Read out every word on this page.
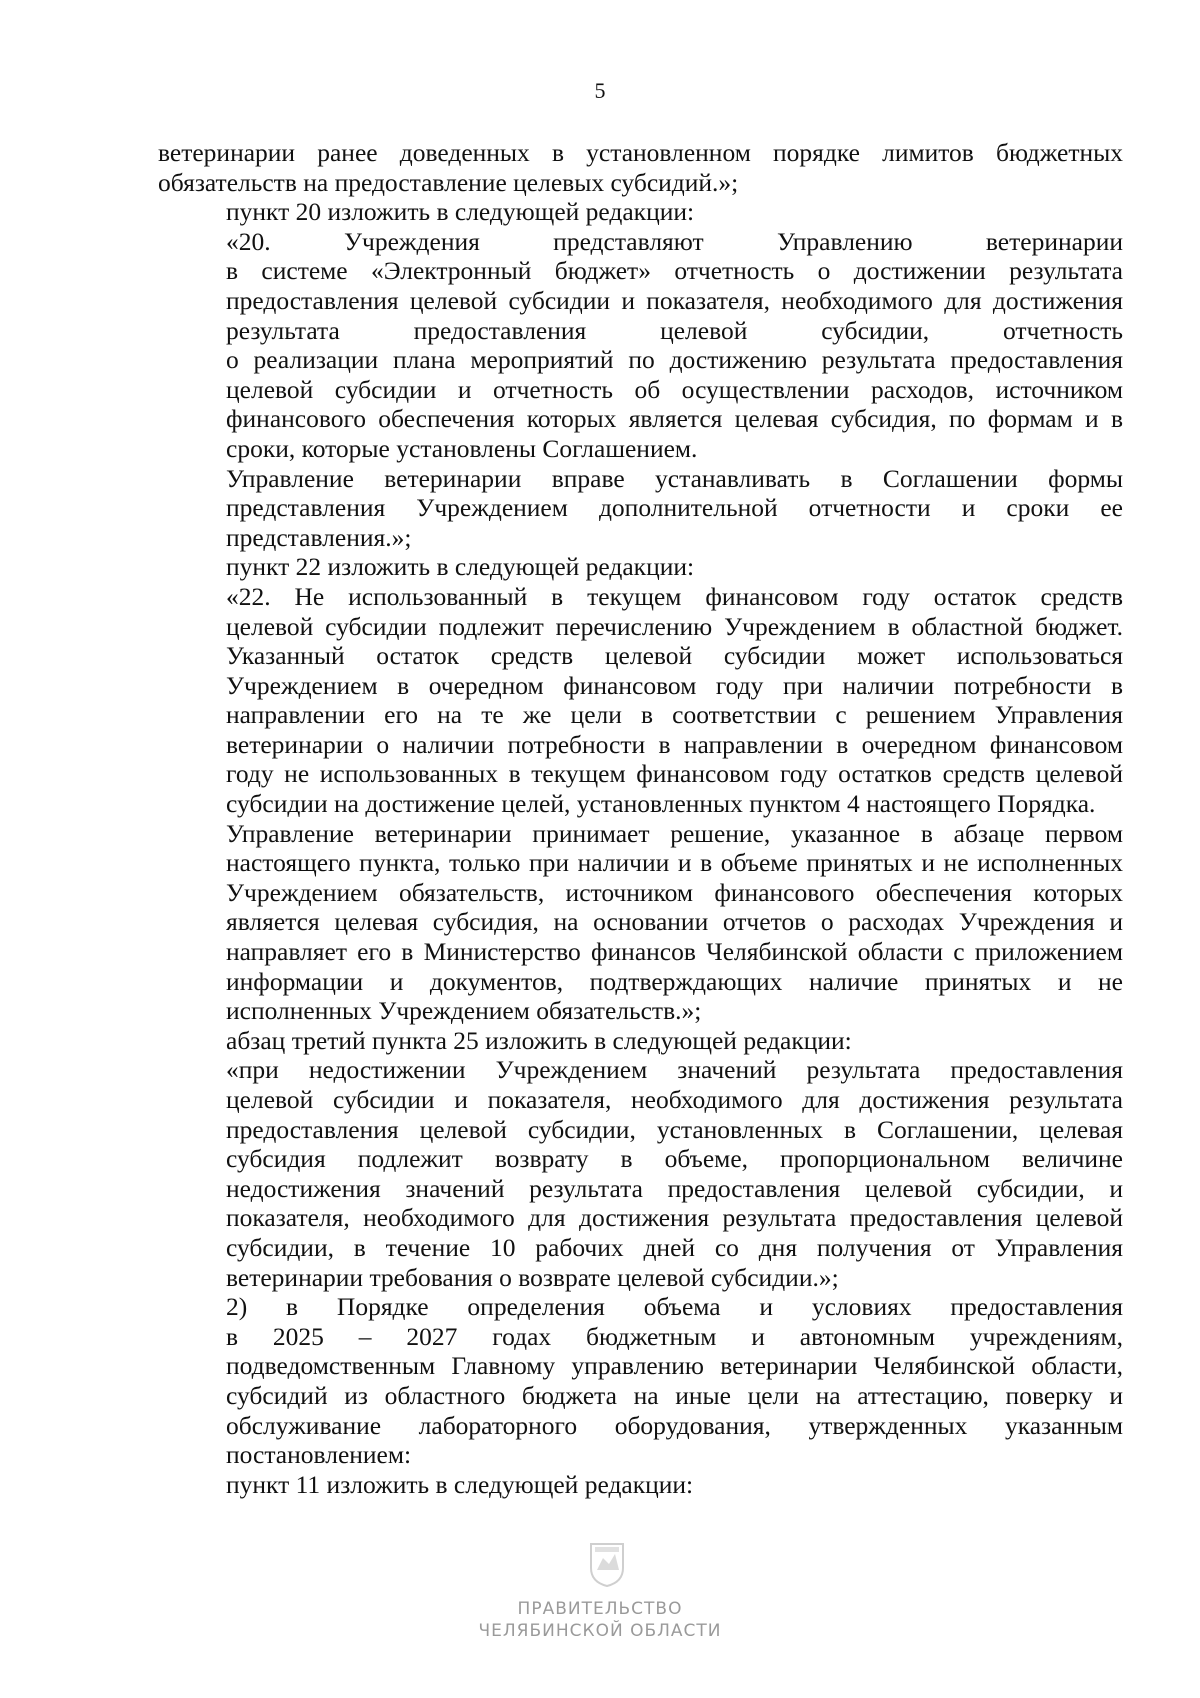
5
ветеринарии ранее доведенных в установленном порядке лимитов бюджетных
обязательств на предоставление целевых субсидий.»;
пункт 20 изложить в следующей редакции:
«20. Учреждения представляют Управлению ветеринарии
в системе «Электронный бюджет» отчетность о достижении результата
предоставления целевой субсидии и показателя, необходимого для достижения
результата предоставления целевой субсидии, отчетность
о реализации плана мероприятий по достижению результата предоставления
целевой субсидии и отчетность об осуществлении расходов, источником
финансового обеспечения которых является целевая субсидия, по формам и в
сроки, которые установлены Соглашением.
Управление ветеринарии вправе устанавливать в Соглашении формы
представления Учреждением дополнительной отчетности и сроки ее
представления.»;
пункт 22 изложить в следующей редакции:
«22. Не использованный в текущем финансовом году остаток средств
целевой субсидии подлежит перечислению Учреждением в областной бюджет.
Указанный остаток средств целевой субсидии может использоваться
Учреждением в очередном финансовом году при наличии потребности в
направлении его на те же цели в соответствии с решением Управления
ветеринарии о наличии потребности в направлении в очередном финансовом
году не использованных в текущем финансовом году остатков средств целевой
субсидии на достижение целей, установленных пунктом 4 настоящего Порядка.
Управление ветеринарии принимает решение, указанное в абзаце первом
настоящего пункта, только при наличии и в объеме принятых и не исполненных
Учреждением обязательств, источником финансового обеспечения которых
является целевая субсидия, на основании отчетов о расходах Учреждения и
направляет его в Министерство финансов Челябинской области с приложением
информации и документов, подтверждающих наличие принятых и не
исполненных Учреждением обязательств.»;
абзац третий пункта 25 изложить в следующей редакции:
«при недостижении Учреждением значений результата предоставления
целевой субсидии и показателя, необходимого для достижения результата
предоставления целевой субсидии, установленных в Соглашении, целевая
субсидия подлежит возврату в объеме, пропорциональном величине
недостижения значений результата предоставления целевой субсидии, и
показателя, необходимого для достижения результата предоставления целевой
субсидии, в течение 10 рабочих дней со дня получения от Управления
ветеринарии требования о возврате целевой субсидии.»;
2) в Порядке определения объема и условиях предоставления
в 2025 – 2027 годах бюджетным и автономным учреждениям,
подведомственным Главному управлению ветеринарии Челябинской области,
субсидий из областного бюджета на иные цели на аттестацию, поверку и
обслуживание лабораторного оборудования, утвержденных указанным
постановлением:
пункт 11 изложить в следующей редакции:
ПРАВИТЕЛЬСТВО
ЧЕЛЯБИНСКОЙ ОБЛАСТИ
